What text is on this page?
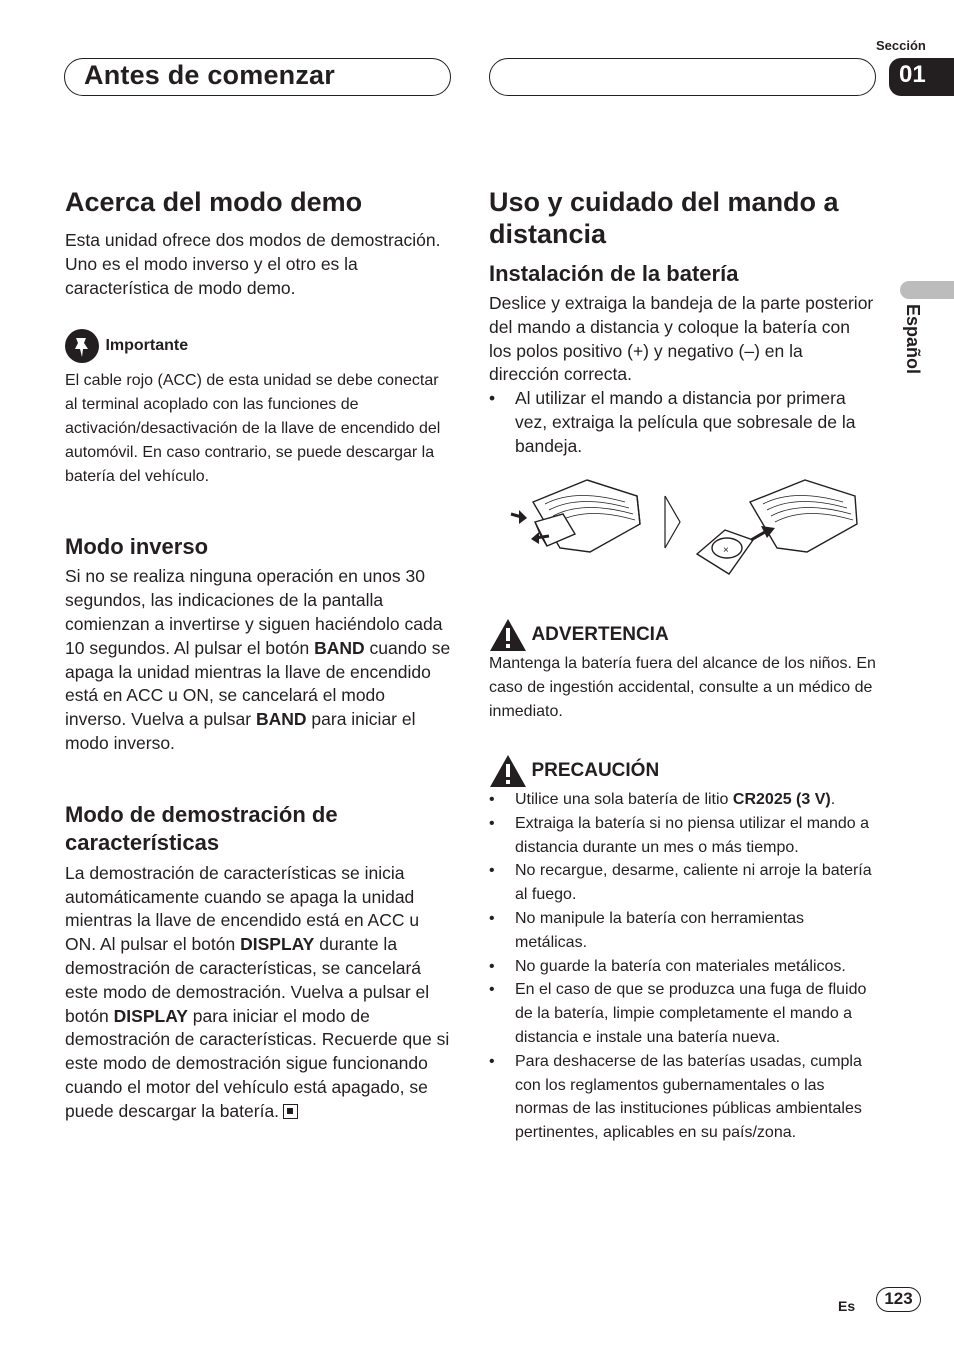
Antes de comenzar
Sección
01
Español
Acerca del modo demo

Esta unidad ofrece dos modos de demostración. Uno es el modo inverso y el otro es la característica de modo demo.

Importante

El cable rojo (ACC) de esta unidad se debe conectar al terminal acoplado con las funciones de activación/desactivación de la llave de encendido del automóvil. En caso contrario, se puede descargar la batería del vehículo.

Modo inverso

Si no se realiza ninguna operación en unos 30 segundos, las indicaciones de la pantalla comienzan a invertirse y siguen haciéndolo cada 10 segundos. Al pulsar el botón BAND cuando se apaga la unidad mientras la llave de encendido está en ACC u ON, se cancelará el modo inverso. Vuelva a pulsar BAND para iniciar el modo inverso.

Modo de demostración de características

La demostración de características se inicia automáticamente cuando se apaga la unidad mientras la llave de encendido está en ACC u ON. Al pulsar el botón DISPLAY durante la demostración de características, se cancelará este modo de demostración. Vuelva a pulsar el botón DISPLAY para iniciar el modo de demostración de características. Recuerde que si este modo de demostración sigue funcionando cuando el motor del vehículo está apagado, se puede descargar la batería.

Uso y cuidado del mando a distancia
Instalación de la batería

Deslice y extraiga la bandeja de la parte posterior del mando a distancia y coloque la batería con los polos positivo (+) y negativo (–) en la dirección correcta.

• Al utilizar el mando a distancia por primera vez, extraiga la película que sobresale de la bandeja.
×
ADVERTENCIA

Mantenga la batería fuera del alcance de los niños. En caso de ingestión accidental, consulte a un médico de inmediato.

PRECAUCIÓN
• Utilice una sola batería de litio CR2025 (3 V).
• Extraiga la batería si no piensa utilizar el mando a distancia durante un mes o más tiempo.
• No recargue, desarme, caliente ni arroje la batería al fuego.
• No manipule la batería con herramientas metálicas.
• No guarde la batería con materiales metálicos.
• En el caso de que se produzca una fuga de fluido de la batería, limpie completamente el mando a distancia e instale una batería nueva.
• Para deshacerse de las baterías usadas, cumpla con los reglamentos gubernamentales o las normas de las instituciones públicas ambientales pertinentes, aplicables en su país/zona.
Es	123
